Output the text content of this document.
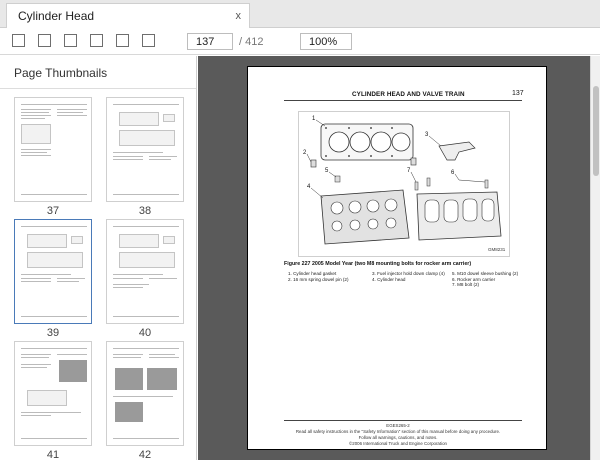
Cylinder Head	x
137	/ 412	100%
Page Thumbnails
37	38
39	40
41	42
CYLINDER HEAD AND VALVE TRAIN	137
1
2
3
4
5	6
7
GM8231
Figure 227 2005 Model Year (two M8 mounting bolts for rocker arm carrier)
1. Cylinder head gasket
2. 16 mm spring dowel pin (2)
3. Fuel injector hold down clamp (4)
4. Cylinder head
5. M10 dowel sleeve bushing (2)
6. Rocker arm carrier
7. M8 bolt (2)
EGES265-2
Read all safety instructions in the "Safety Information" section of this manual before doing any procedure.
Follow all warnings, cautions, and notes.
©2006 International Truck and Engine Corporation
